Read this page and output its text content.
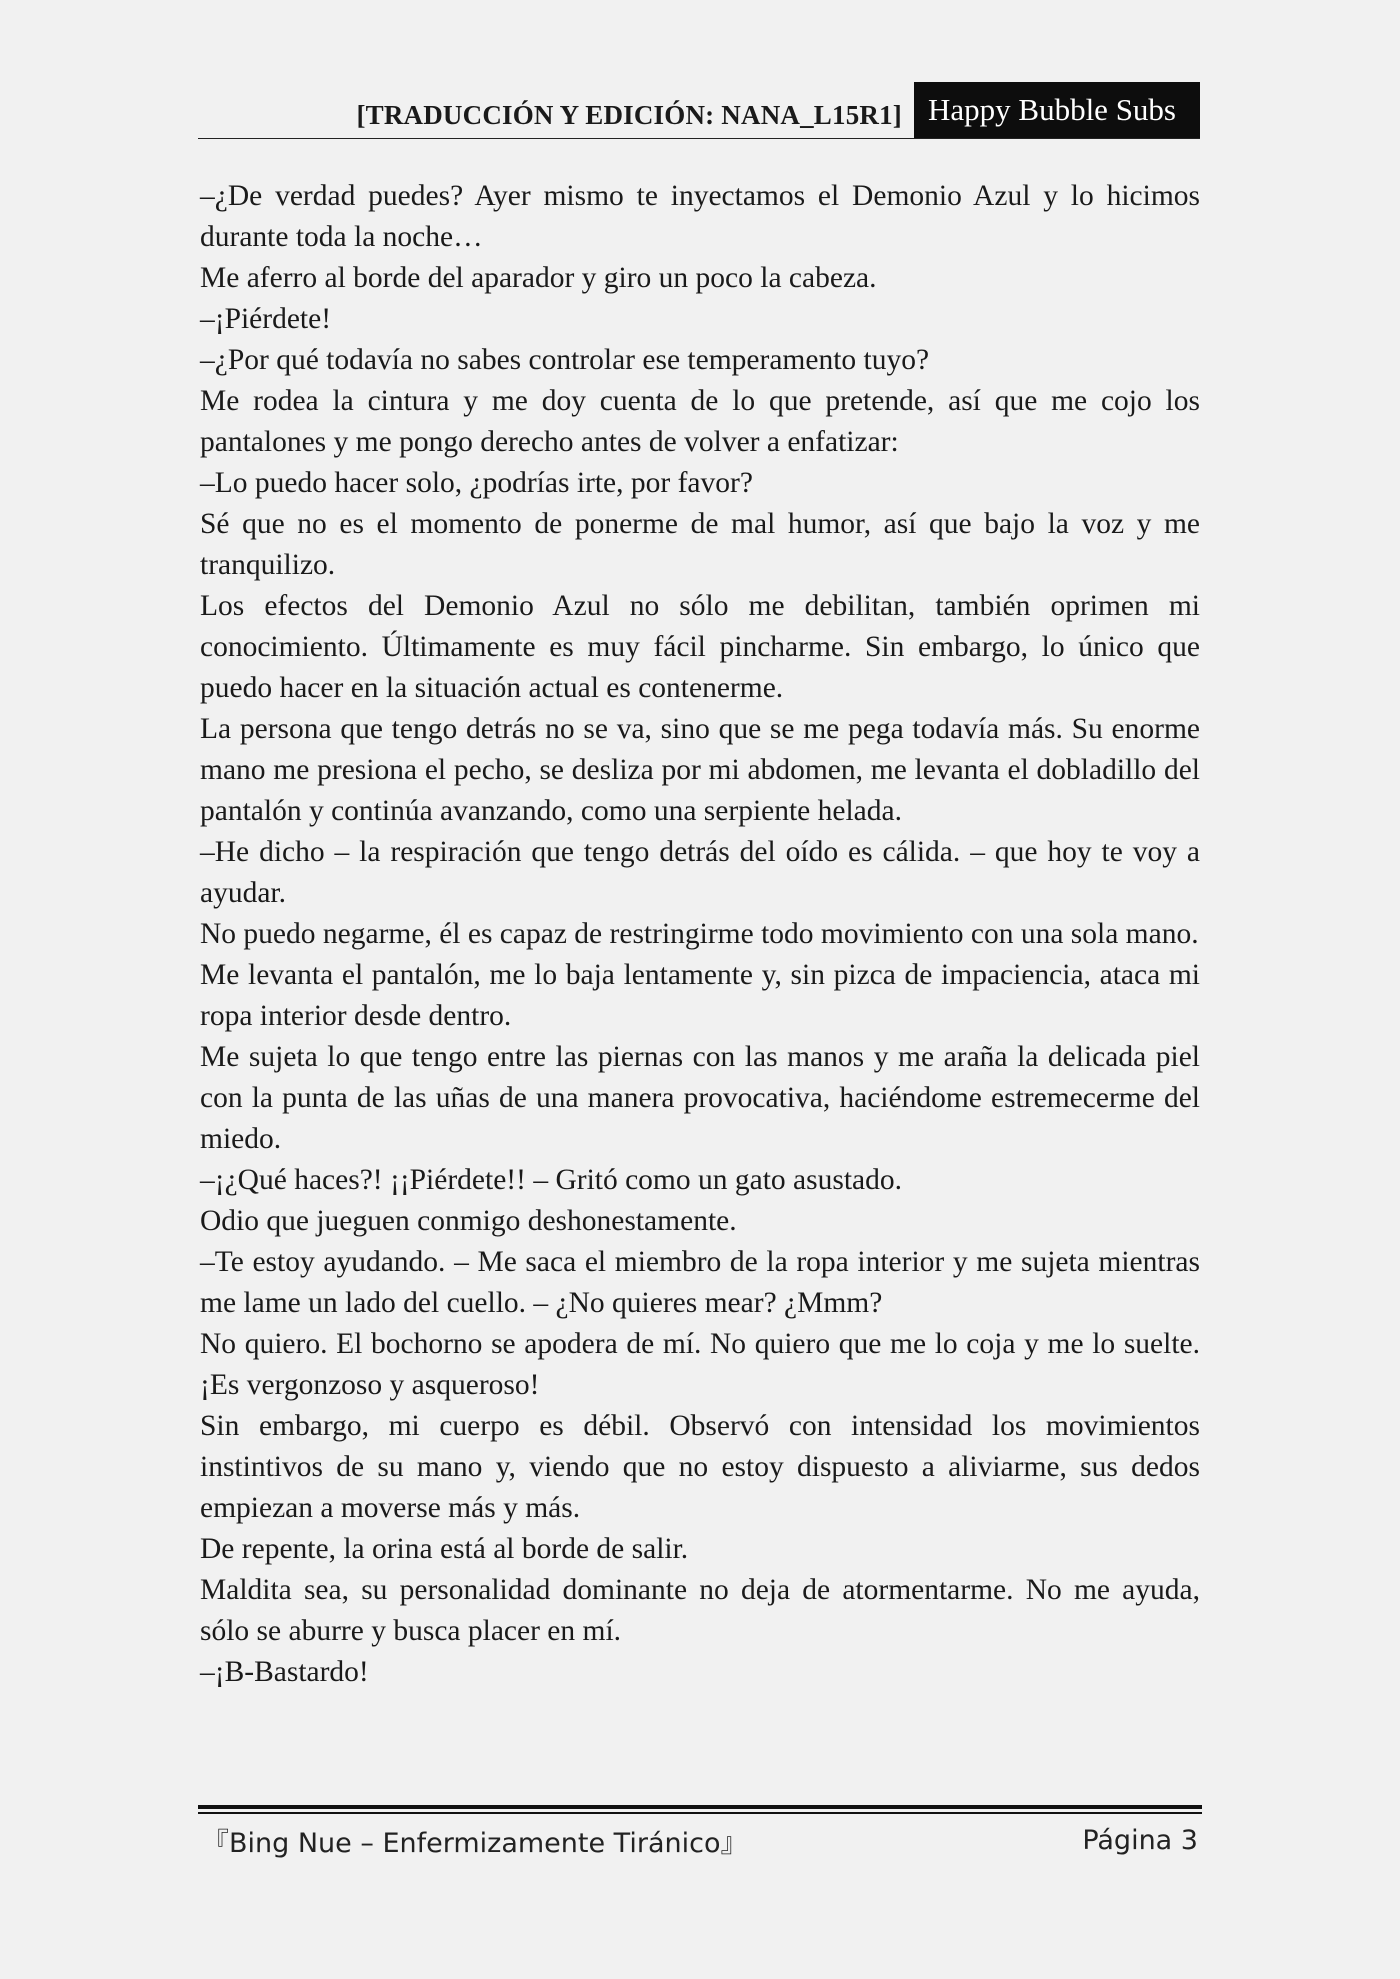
[TRADUCCIÓN Y EDICIÓN: NANA_L15R1] Happy Bubble Subs

–¿De verdad puedes? Ayer mismo te inyectamos el Demonio Azul y lo hicimos durante toda la noche…

Me aferro al borde del aparador y giro un poco la cabeza.

–¡Piérdete!

–¿Por qué todavía no sabes controlar ese temperamento tuyo?

Me rodea la cintura y me doy cuenta de lo que pretende, así que me cojo los pantalones y me pongo derecho antes de volver a enfatizar:

–Lo puedo hacer solo, ¿podrías irte, por favor?

Sé que no es el momento de ponerme de mal humor, así que bajo la voz y me tranquilizo.

Los efectos del Demonio Azul no sólo me debilitan, también oprimen mi conocimiento. Últimamente es muy fácil pincharme. Sin embargo, lo único que puedo hacer en la situación actual es contenerme.

La persona que tengo detrás no se va, sino que se me pega todavía más. Su enorme mano me presiona el pecho, se desliza por mi abdomen, me levanta el dobladillo del pantalón y continúa avanzando, como una serpiente helada.

–He dicho – la respiración que tengo detrás del oído es cálida. – que hoy te voy a ayudar.

No puedo negarme, él es capaz de restringirme todo movimiento con una sola mano.

Me levanta el pantalón, me lo baja lentamente y, sin pizca de impaciencia, ataca mi ropa interior desde dentro.

Me sujeta lo que tengo entre las piernas con las manos y me araña la delicada piel con la punta de las uñas de una manera provocativa, haciéndome estremecerme del miedo.

–¡¿Qué haces?! ¡¡Piérdete!! – Gritó como un gato asustado.

Odio que jueguen conmigo deshonestamente.

–Te estoy ayudando. – Me saca el miembro de la ropa interior y me sujeta mientras me lame un lado del cuello. – ¿No quieres mear? ¿Mmm?

No quiero. El bochorno se apodera de mí. No quiero que me lo coja y me lo suelte. ¡Es vergonzoso y asqueroso!

Sin embargo, mi cuerpo es débil. Observó con intensidad los movimientos instintivos de su mano y, viendo que no estoy dispuesto a aliviarme, sus dedos empiezan a moverse más y más.

De repente, la orina está al borde de salir.

Maldita sea, su personalidad dominante no deja de atormentarme. No me ayuda, sólo se aburre y busca placer en mí.

–¡B-Bastardo!

『Bing Nue – Enfermizamente Tiránico』	Página 3
